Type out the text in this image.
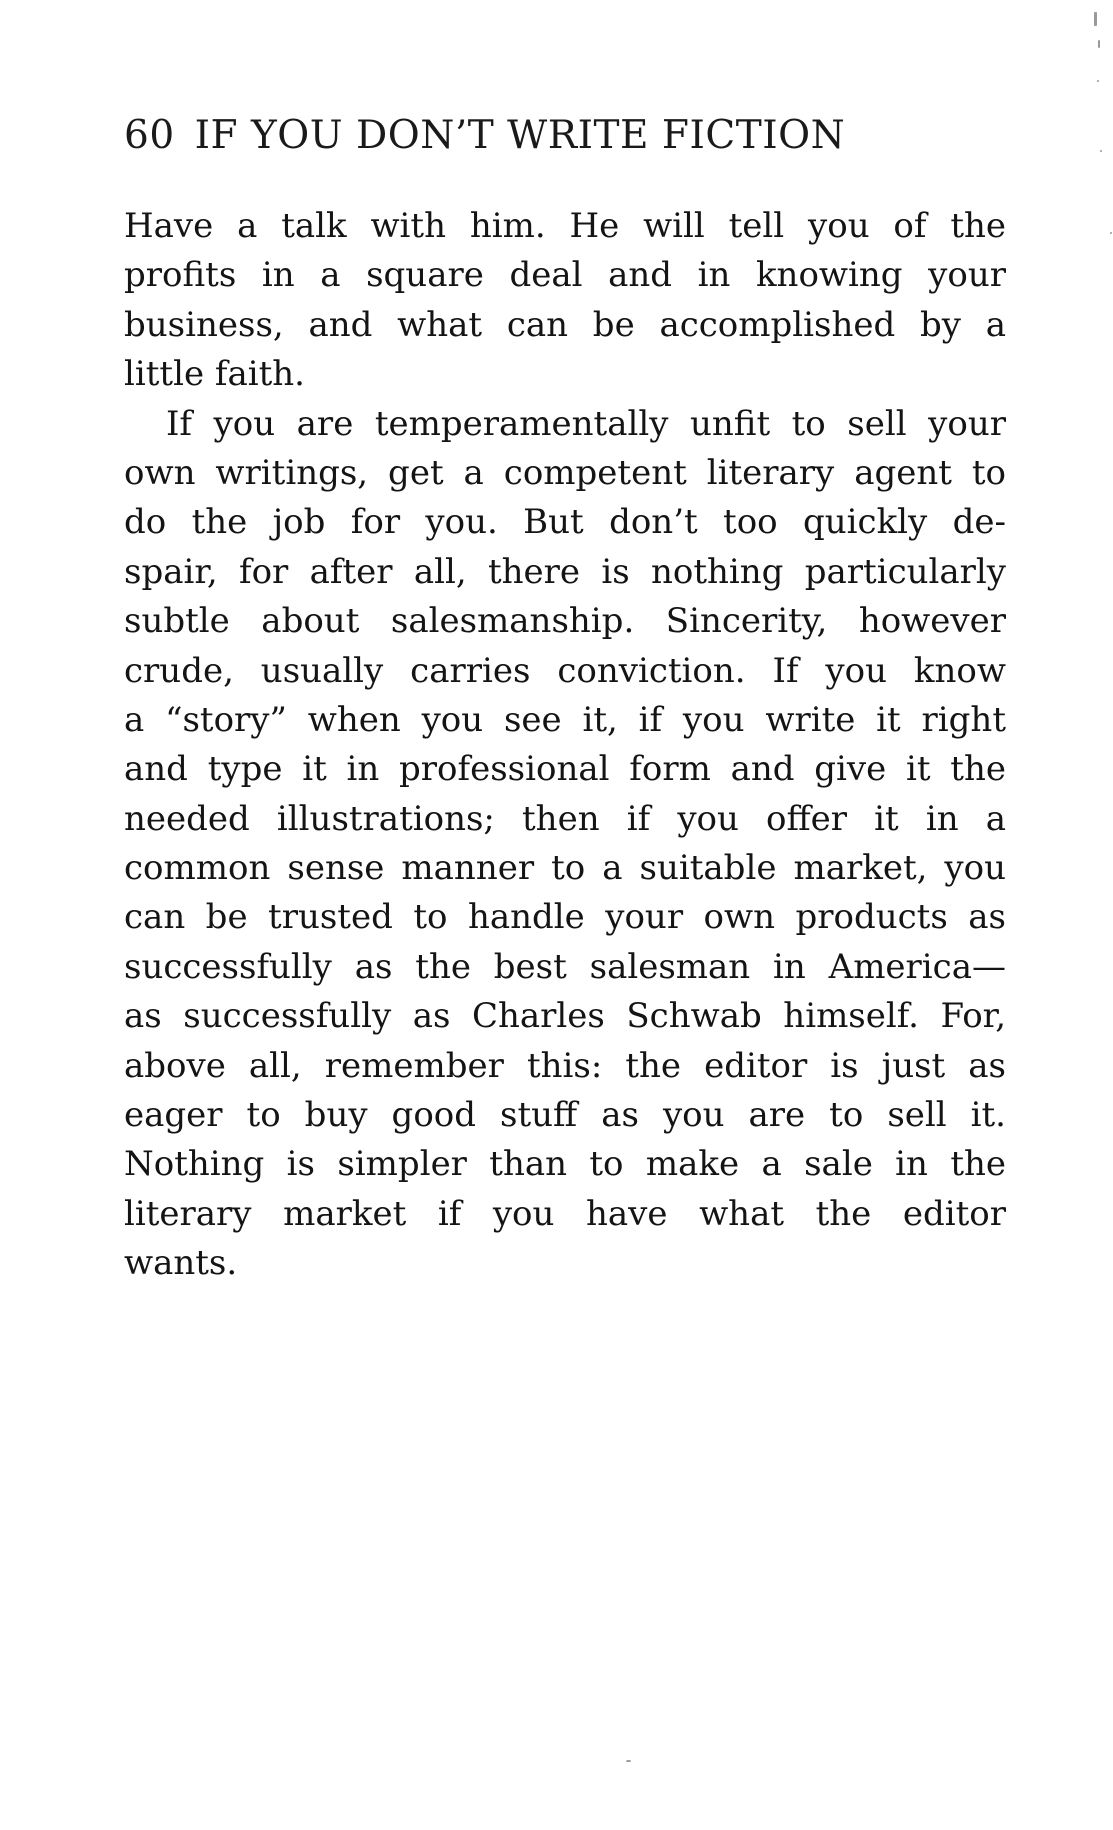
60 IF YOU DON’T WRITE FICTION
Have a talk with him. He will tell you of the
profits in a square deal and in knowing your
business, and what can be accomplished by a
little faith.
If you are temperamentally unfit to sell your
own writings, get a competent literary agent to
do the job for you. But don’t too quickly de-
spair, for after all, there is nothing particularly
subtle about salesmanship. Sincerity, however
crude, usually carries conviction. If you know
a “story” when you see it, if you write it right
and type it in professional form and give it the
needed illustrations; then if you offer it in a
common sense manner to a suitable market, you
can be trusted to handle your own products as
successfully as the best salesman in America—
as successfully as Charles Schwab himself. For,
above all, remember this: the editor is just as
eager to buy good stuff as you are to sell it.
Nothing is simpler than to make a sale in the
literary market if you have what the editor
wants.
